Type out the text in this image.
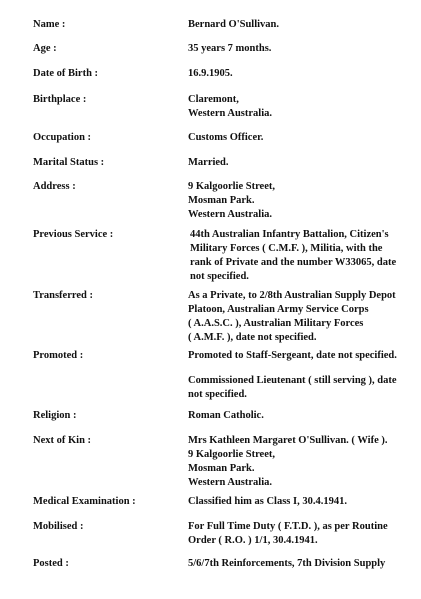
Name :	Bernard O'Sullivan.
Age :	35 years 7 months.
Date of Birth :	16.9.1905.
Birthplace :	Claremont,
Western Australia.
Occupation :	Customs Officer.
Marital Status :	Married.
Address :	9 Kalgoorlie Street,
Mosman Park.
Western Australia.
Previous Service :	44th Australian Infantry Battalion, Citizen's
Military Forces ( C.M.F. ), Militia, with the
rank of Private and the number W33065, date
not specified.
Transferred :	As a Private, to 2/8th Australian Supply Depot
Platoon, Australian Army Service Corps
( A.A.S.C. ), Australian Military Forces
( A.M.F. ), date not specified.
Promoted :	Promoted to Staff-Sergeant, date not specified.
Commissioned Lieutenant ( still serving ), date
not specified.
Religion :	Roman Catholic.
Next of Kin :	Mrs Kathleen Margaret O'Sullivan. ( Wife ).
9 Kalgoorlie Street,
Mosman Park.
Western Australia.
Medical Examination :	Classified him as Class I, 30.4.1941.
Mobilised :	For Full Time Duty ( F.T.D. ), as per Routine
Order ( R.O. ) 1/1, 30.4.1941.
Posted :	5/6/7th Reinforcements, 7th Division Supply
